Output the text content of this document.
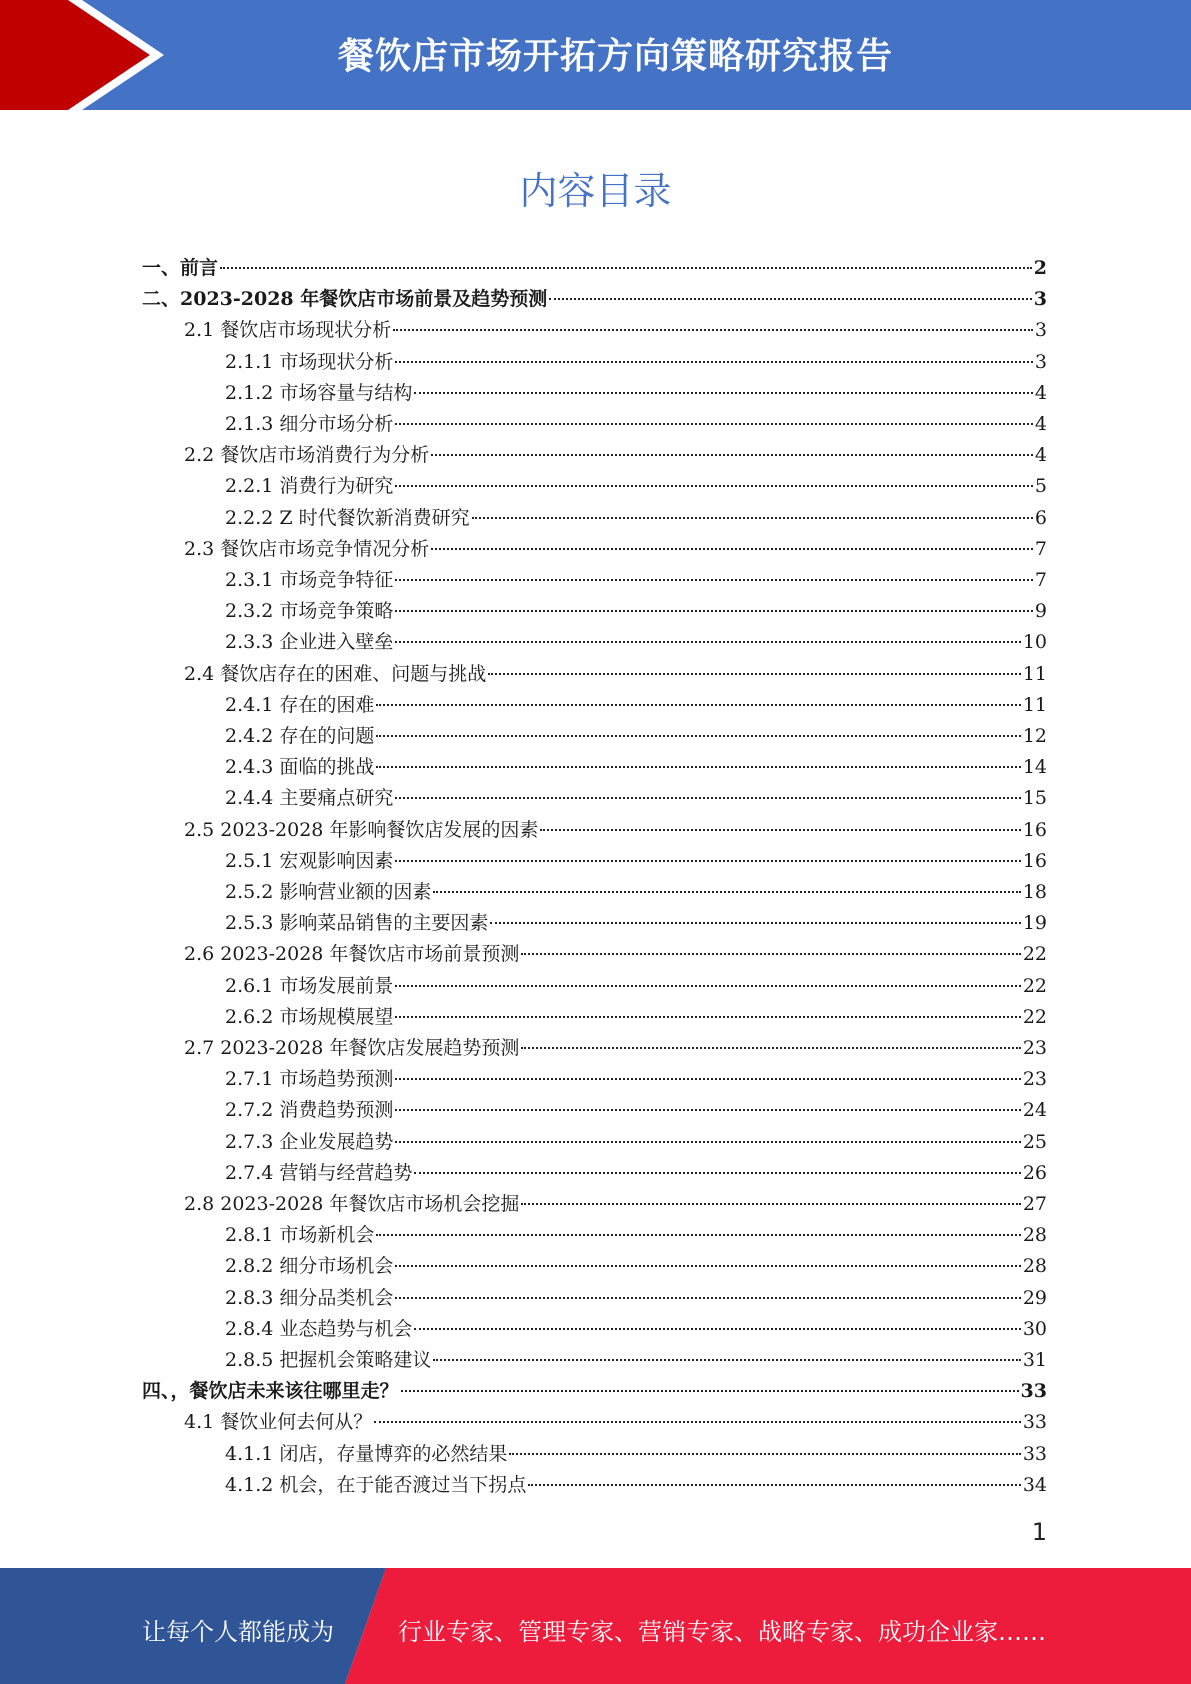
餐饮店市场开拓方向策略研究报告
内容目录
一、前言	2
二、2023-2028 年餐饮店市场前景及趋势预测	3
2.1 餐饮店市场现状分析	3
2.1.1 市场现状分析	3
2.1.2 市场容量与结构	4
2.1.3 细分市场分析	4
2.2 餐饮店市场消费行为分析	4
2.2.1 消费行为研究	5
2.2.2 Z 时代餐饮新消费研究	6
2.3 餐饮店市场竞争情况分析	7
2.3.1 市场竞争特征	7
2.3.2 市场竞争策略	9
2.3.3 企业进入壁垒	10
2.4 餐饮店存在的困难、问题与挑战	11
2.4.1 存在的困难	11
2.4.2 存在的问题	12
2.4.3 面临的挑战	14
2.4.4 主要痛点研究	15
2.5 2023-2028 年影响餐饮店发展的因素	16
2.5.1 宏观影响因素	16
2.5.2 影响营业额的因素	18
2.5.3 影响菜品销售的主要因素	19
2.6 2023-2028 年餐饮店市场前景预测	22
2.6.1 市场发展前景	22
2.6.2 市场规模展望	22
2.7 2023-2028 年餐饮店发展趋势预测	23
2.7.1 市场趋势预测	23
2.7.2 消费趋势预测	24
2.7.3 企业发展趋势	25
2.7.4 营销与经营趋势	26
2.8 2023-2028 年餐饮店市场机会挖掘	27
2.8.1 市场新机会	28
2.8.2 细分市场机会	28
2.8.3 细分品类机会	29
2.8.4 业态趋势与机会	30
2.8.5 把握机会策略建议	31
四、，餐饮店未来该往哪里走？	33
4.1 餐饮业何去何从？	33
4.1.1 闭店，存量博弈的必然结果	33
4.1.2 机会，在于能否渡过当下拐点	34
1
让每个人都能成为	行业专家、管理专家、营销专家、战略专家、成功企业家……
